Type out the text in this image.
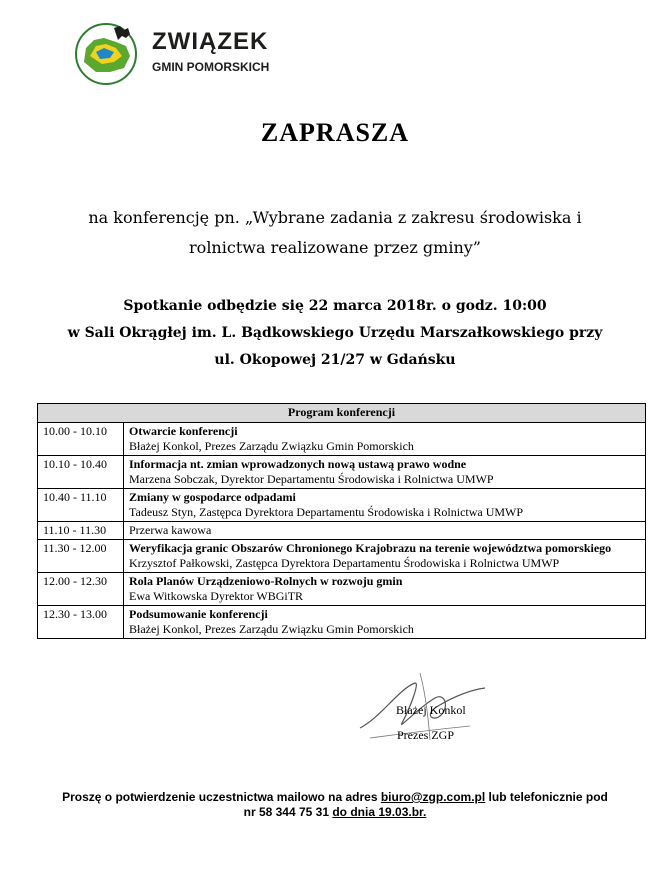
ZWIĄZEK
GMIN POMORSKICH
ZAPRASZA
na konferencję pn. „Wybrane zadania z zakresu środowiska i
rolnictwa realizowane przez gminy”
Spotkanie odbędzie się 22 marca 2018r. o godz. 10:00
w Sali Okrągłej im. L. Bądkowskiego Urzędu Marszałkowskiego przy
ul. Okopowej 21/27 w Gdańsku
Program konferencji	
10.00 - 10.10	Otwarcie konferencji
Błażej Konkol, Prezes Zarządu Związku Gmin Pomorskich

10.10 - 10.40	Informacja nt. zmian wprowadzonych nową ustawą prawo wodne
Marzena Sobczak, Dyrektor Departamentu Środowiska i Rolnictwa UMWP

10.40 - 11.10	Zmiany w gospodarce odpadami
Tadeusz Styn, Zastępca Dyrektora Departamentu Środowiska i Rolnictwa UMWP

11.10 - 11.30	Przerwa kawowa

11.30 - 12.00	Weryfikacja granic Obszarów Chronionego Krajobrazu na terenie województwa pomorskiego
Krzysztof Pałkowski, Zastępca Dyrektora Departamentu Środowiska i Rolnictwa UMWP

12.00 - 12.30	Rola Planów Urządzeniowo-Rolnych w rozwoju gmin
Ewa Witkowska Dyrektor WBGiTR

12.30 - 13.00	Podsumowanie konferencji
Błażej Konkol, Prezes Zarządu Związku Gmin Pomorskich
Błażej Konkol
Prezes ZGP
Proszę o potwierdzenie uczestnictwa mailowo na adres biuro@zgp.com.pl lub telefonicznie pod
nr 58 344 75 31 do dnia 19.03.br.
